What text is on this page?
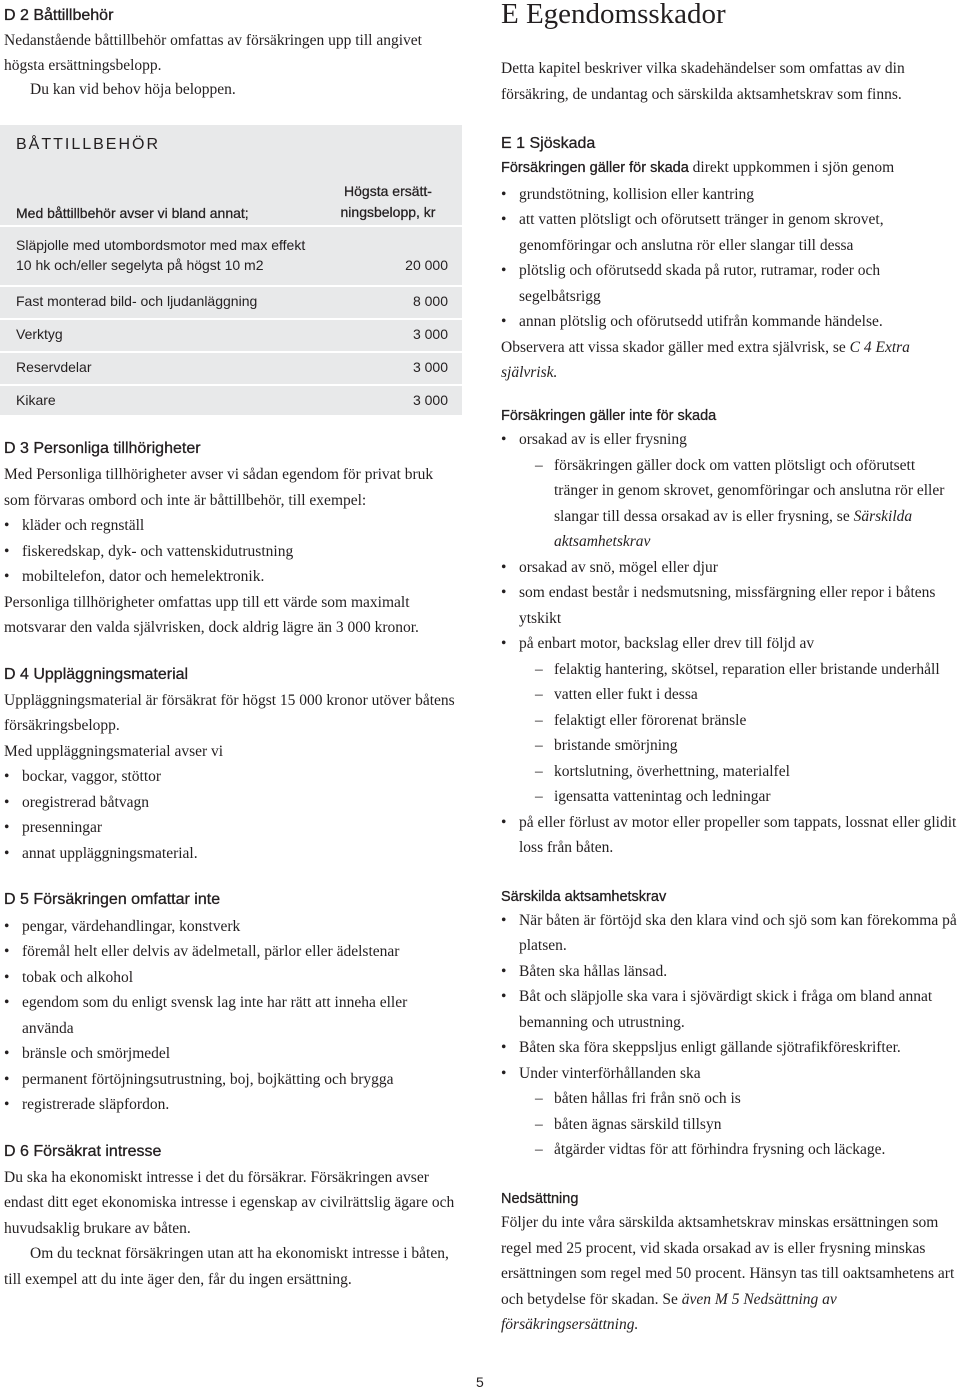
D 2 Båttillbehör

Nedanstående båttillbehör omfattas av försäkringen upp till angivet högsta ersättningsbelopp.

Du kan vid behov höja beloppen.

BÅTTILLBEHÖR
Med båttillbehör avser vi bland annat;
Högsta ersätt-
ningsbelopp, kr
Släpjolle med utombordsmotor med max effekt
10 hk och/eller segelyta på högst 10 m2	20 000
Fast monterad bild- och ljudanläggning	8 000
Verktyg	3 000
Reservdelar	3 000
Kikare	3 000
D 3 Personliga tillhörigheter

Med Personliga tillhörigheter avser vi sådan egendom för privat bruk som förvaras ombord och inte är båttillbehör, till exempel:

• kläder och regnställ
• fiskeredskap, dyk- och vattenskidutrustning
• mobiltelefon, dator och hemelektronik.

Personliga tillhörigheter omfattas upp till ett värde som maximalt motsvarar den valda självrisken, dock aldrig lägre än 3 000 kronor.

D 4 Uppläggningsmaterial

Uppläggningsmaterial är försäkrat för högst 15 000 kronor utöver båtens försäkringsbelopp.

Med uppläggningsmaterial avser vi

• bockar, vaggor, stöttor
• oregistrerad båtvagn
• presenningar
• annat uppläggningsmaterial.
D 5 Försäkringen omfattar inte
• pengar, värdehandlingar, konstverk
• föremål helt eller delvis av ädelmetall, pärlor eller ädelstenar
• tobak och alkohol
• egendom som du enligt svensk lag inte har rätt att inneha eller använda
• bränsle och smörjmedel
• permanent förtöjningsutrustning, boj, bojkätting och brygga
• registrerade släpfordon.
D 6 Försäkrat intresse

Du ska ha ekonomiskt intresse i det du försäkrar. Försäkringen avser endast ditt eget ekonomiska intresse i egenskap av civilrättslig ägare och huvudsaklig brukare av båten.

Om du tecknat försäkringen utan att ha ekonomiskt intresse i båten, till exempel att du inte äger den, får du ingen ersättning.

E Egendomsskador

Detta kapitel beskriver vilka skadehändelser som omfattas av din försäkring, de undantag och särskilda aktsamhetskrav som finns.

E 1 Sjöskada

Försäkringen gäller för skada direkt uppkommen i sjön genom

• grundstötning, kollision eller kantring
• att vatten plötsligt och oförutsett tränger in genom skrovet, genomföringar och anslutna rör eller slangar till dessa
• plötslig och oförutsedd skada på rutor, rutramar, roder och segelbåtsrigg
• annan plötslig och oförutsedd utifrån kommande händelse.

Observera att vissa skador gäller med extra självrisk, se C 4 Extra självrisk.

Försäkringen gäller inte för skada
• orsakad av is eller frysning
– försäkringen gäller dock om vatten plötsligt och oförutsett tränger in genom skrovet, genomföringar och anslutna rör eller slangar till dessa orsakad av is eller frysning, se Särskilda aktsamhetskrav
• orsakad av snö, mögel eller djur
• som endast består i nedsmutsning, missfärgning eller repor i båtens ytskikt
• på enbart motor, backslag eller drev till följd av
– felaktig hantering, skötsel, reparation eller bristande underhåll
– vatten eller fukt i dessa
– felaktigt eller förorenat bränsle
– bristande smörjning
– kortslutning, överhettning, materialfel
– igensatta vattenintag och ledningar
• på eller förlust av motor eller propeller som tappats, lossnat eller glidit loss från båten.
Särskilda aktsamhetskrav
• När båten är förtöjd ska den klara vind och sjö som kan förekomma på platsen.
• Båten ska hållas länsad.
• Båt och släpjolle ska vara i sjövärdigt skick i fråga om bland annat bemanning och utrustning.
• Båten ska föra skeppsljus enligt gällande sjötrafikföreskrifter.
• Under vinterförhållanden ska
– båten hållas fri från snö och is
– båten ägnas särskild tillsyn
– åtgärder vidtas för att förhindra frysning och läckage.
Nedsättning

Följer du inte våra särskilda aktsamhetskrav minskas ersättningen som regel med 25 procent, vid skada orsakad av is eller frysning minskas ersättningen som regel med 50 procent. Hänsyn tas till oaktsamhetens art och betydelse för skadan. Se även M 5 Nedsättning av försäkringsersättning.

5
